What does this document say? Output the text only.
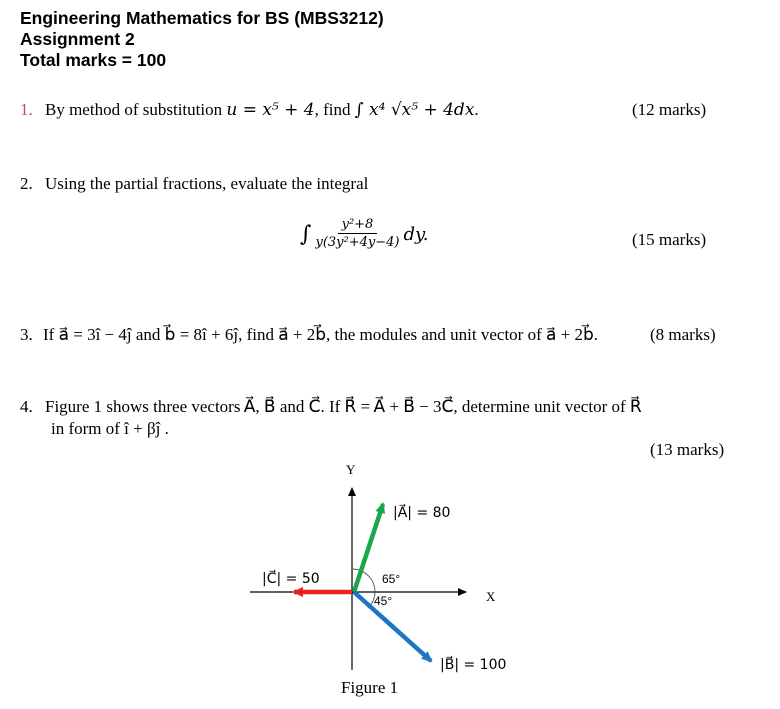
Engineering Mathematics for BS (MBS3212)
Assignment 2
Total marks = 100
1. By method of substitution u = x⁵ + 4, find ∫ x⁴ √x⁵ + 4dx.	(12 marks)
2. Using the partial fractions, evaluate the integral
∫ $\frac{\text{y²+8}}{\text{y(3y²+4y−4)}}$ dy.	(15 marks)
3. If a⃗ = 3î − 4ĵ and b⃗ = 8î + 6ĵ, find a⃗ + 2b⃗, the modules and unit vector of a⃗ + 2b⃗.	(8 marks)
4. Figure 1 shows three vectors A⃗, B⃗ and C⃗. If R⃗ = A⃗ + B⃗ − 3C⃗, determine unit vector of R⃗
in form of î + βĵ .
(13 marks)
Y
X
|A⃗| = 80
|B⃗| = 100
|C⃗| = 50	65°
45°
Figure 1
